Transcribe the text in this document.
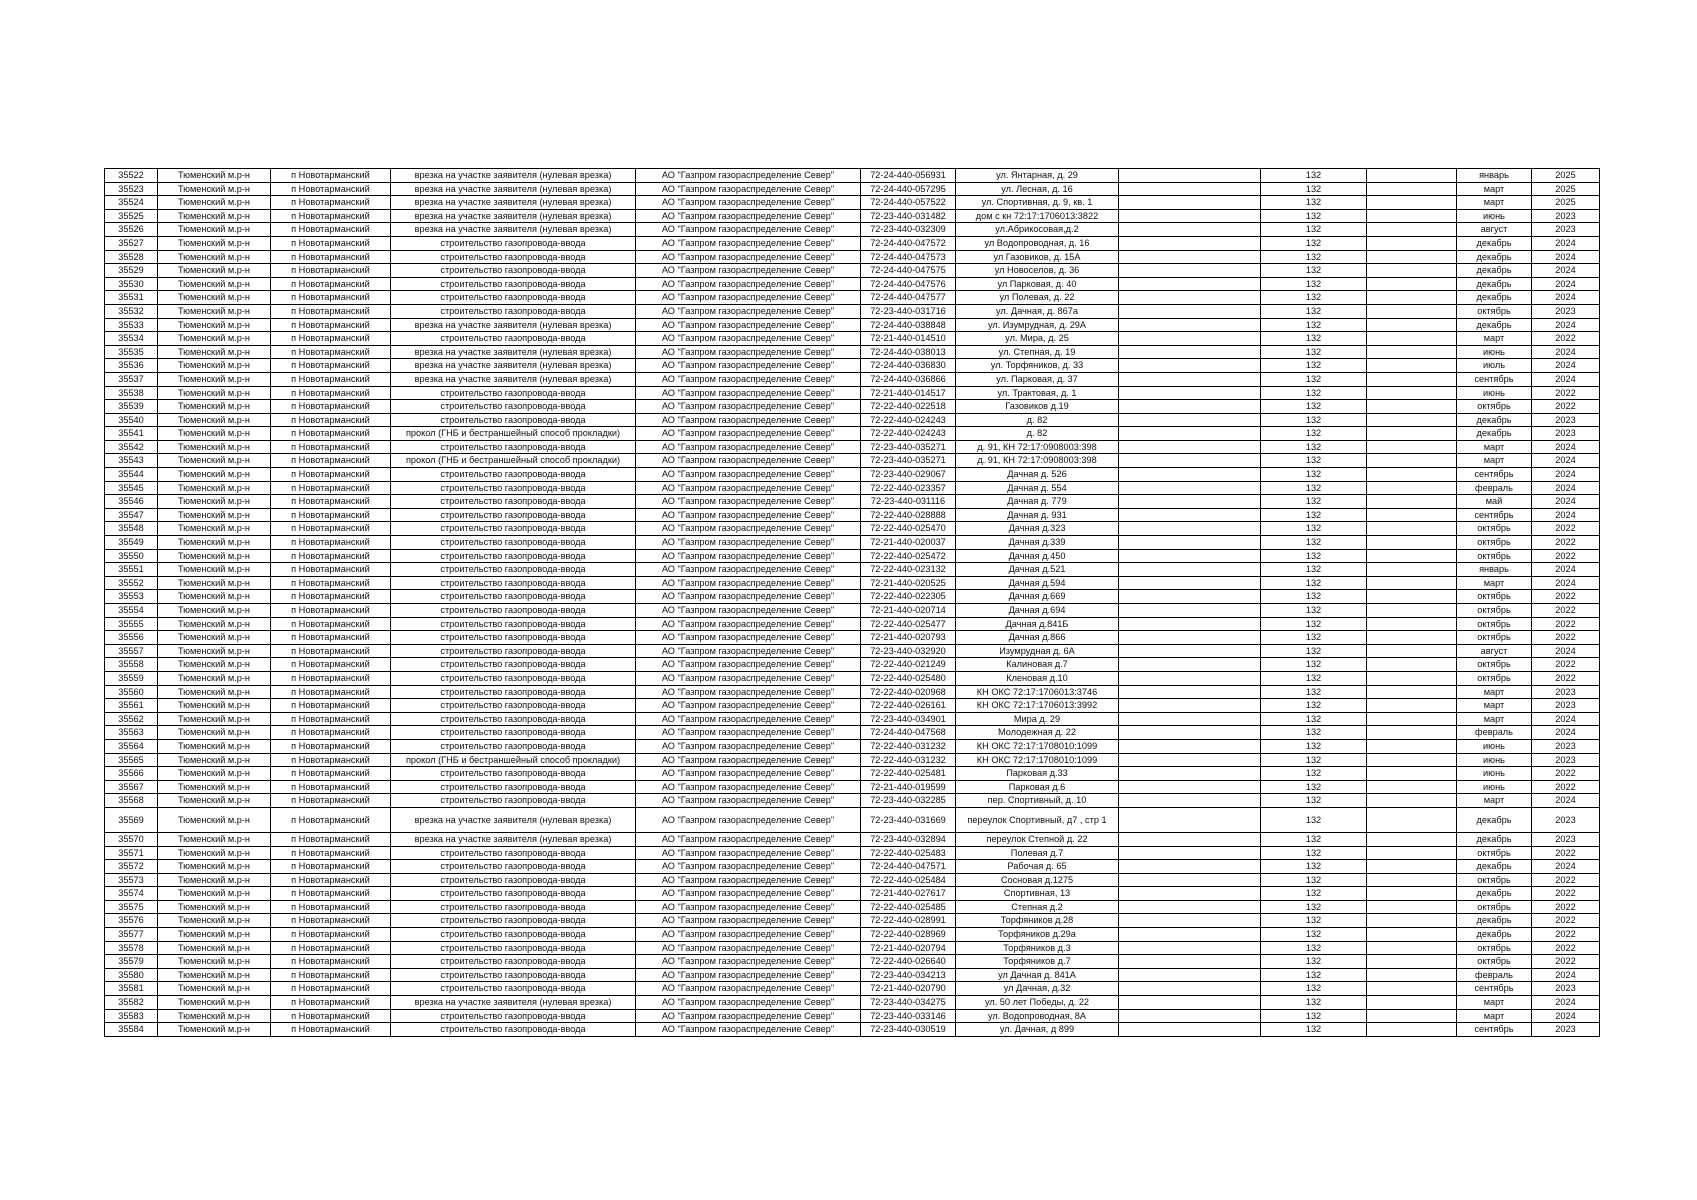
35522	Тюменский м.р-н	п Новотарманский	врезка на участке заявителя (нулевая врезка)	АО "Газпром газораспределение Север"	72-24-440-056931	ул. Янтарная, д. 29		132		январь	2025
35523	Тюменский м.р-н	п Новотарманский	врезка на участке заявителя (нулевая врезка)	АО "Газпром газораспределение Север"	72-24-440-057295	ул. Лесная, д. 16		132		март	2025
35524	Тюменский м.р-н	п Новотарманский	врезка на участке заявителя (нулевая врезка)	АО "Газпром газораспределение Север"	72-24-440-057522	ул. Спортивная, д. 9, кв. 1		132		март	2025
35525	Тюменский м.р-н	п Новотарманский	врезка на участке заявителя (нулевая врезка)	АО "Газпром газораспределение Север"	72-23-440-031482	дом с кн 72:17:1706013:3822		132		июнь	2023
35526	Тюменский м.р-н	п Новотарманский	врезка на участке заявителя (нулевая врезка)	АО "Газпром газораспределение Север"	72-23-440-032309	ул.Абрикосовая,д.2		132		август	2023
35527	Тюменский м.р-н	п Новотарманский	строительство газопровода-ввода	АО "Газпром газораспределение Север"	72-24-440-047572	ул Водопроводная, д. 16		132		декабрь	2024
35528	Тюменский м.р-н	п Новотарманский	строительство газопровода-ввода	АО "Газпром газораспределение Север"	72-24-440-047573	ул Газовиков, д. 15А		132		декабрь	2024
35529	Тюменский м.р-н	п Новотарманский	строительство газопровода-ввода	АО "Газпром газораспределение Север"	72-24-440-047575	ул Новоселов, д. 36		132		декабрь	2024
35530	Тюменский м.р-н	п Новотарманский	строительство газопровода-ввода	АО "Газпром газораспределение Север"	72-24-440-047576	ул Парковая, д. 40		132		декабрь	2024
35531	Тюменский м.р-н	п Новотарманский	строительство газопровода-ввода	АО "Газпром газораспределение Север"	72-24-440-047577	ул Полевая, д. 22		132		декабрь	2024
35532	Тюменский м.р-н	п Новотарманский	строительство газопровода-ввода	АО "Газпром газораспределение Север"	72-23-440-031716	ул. Дачная, д. 867а		132		октябрь	2023
35533	Тюменский м.р-н	п Новотарманский	врезка на участке заявителя (нулевая врезка)	АО "Газпром газораспределение Север"	72-24-440-038848	ул. Изумрудная, д. 29А		132		декабрь	2024
35534	Тюменский м.р-н	п Новотарманский	строительство газопровода-ввода	АО "Газпром газораспределение Север"	72-21-440-014510	ул. Мира, д. 25		132		март	2022
35535	Тюменский м.р-н	п Новотарманский	врезка на участке заявителя (нулевая врезка)	АО "Газпром газораспределение Север"	72-24-440-038013	ул. Степная, д. 19		132		июнь	2024
35536	Тюменский м.р-н	п Новотарманский	врезка на участке заявителя (нулевая врезка)	АО "Газпром газораспределение Север"	72-24-440-036830	ул. Торфяников, д. 33		132		июль	2024
35537	Тюменский м.р-н	п Новотарманский	врезка на участке заявителя (нулевая врезка)	АО "Газпром газораспределение Север"	72-24-440-036866	ул. Парковая, д. 37		132		сентябрь	2024
35538	Тюменский м.р-н	п Новотарманский	строительство газопровода-ввода	АО "Газпром газораспределение Север"	72-21-440-014517	ул. Трактовая, д. 1		132		июнь	2022
35539	Тюменский м.р-н	п Новотарманский	строительство газопровода-ввода	АО "Газпром газораспределение Север"	72-22-440-022518	Газовиков д.19		132		октябрь	2022
35540	Тюменский м.р-н	п Новотарманский	строительство газопровода-ввода	АО "Газпром газораспределение Север"	72-22-440-024243	д. 82		132		декабрь	2023
35541	Тюменский м.р-н	п Новотарманский	прокол (ГНБ и бестраншейный способ прокладки)	АО "Газпром газораспределение Север"	72-22-440-024243	д. 82		132		декабрь	2023
35542	Тюменский м.р-н	п Новотарманский	строительство газопровода-ввода	АО "Газпром газораспределение Север"	72-23-440-035271	д. 91, КН 72:17:0908003:398		132		март	2024
35543	Тюменский м.р-н	п Новотарманский	прокол (ГНБ и бестраншейный способ прокладки)	АО "Газпром газораспределение Север"	72-23-440-035271	д. 91, КН 72:17:0908003:398		132		март	2024
35544	Тюменский м.р-н	п Новотарманский	строительство газопровода-ввода	АО "Газпром газораспределение Север"	72-23-440-029067	Дачная д. 526		132		сентябрь	2024
35545	Тюменский м.р-н	п Новотарманский	строительство газопровода-ввода	АО "Газпром газораспределение Север"	72-22-440-023357	Дачная д. 554		132		февраль	2024
35546	Тюменский м.р-н	п Новотарманский	строительство газопровода-ввода	АО "Газпром газораспределение Север"	72-23-440-031116	Дачная д. 779		132		май	2024
35547	Тюменский м.р-н	п Новотарманский	строительство газопровода-ввода	АО "Газпром газораспределение Север"	72-22-440-028888	Дачная д. 931		132		сентябрь	2024
35548	Тюменский м.р-н	п Новотарманский	строительство газопровода-ввода	АО "Газпром газораспределение Север"	72-22-440-025470	Дачная д.323		132		октябрь	2022
35549	Тюменский м.р-н	п Новотарманский	строительство газопровода-ввода	АО "Газпром газораспределение Север"	72-21-440-020037	Дачная д.339		132		октябрь	2022
35550	Тюменский м.р-н	п Новотарманский	строительство газопровода-ввода	АО "Газпром газораспределение Север"	72-22-440-025472	Дачная д.450		132		октябрь	2022
35551	Тюменский м.р-н	п Новотарманский	строительство газопровода-ввода	АО "Газпром газораспределение Север"	72-22-440-023132	Дачная д.521		132		январь	2024
35552	Тюменский м.р-н	п Новотарманский	строительство газопровода-ввода	АО "Газпром газораспределение Север"	72-21-440-020525	Дачная д.594		132		март	2024
35553	Тюменский м.р-н	п Новотарманский	строительство газопровода-ввода	АО "Газпром газораспределение Север"	72-22-440-022305	Дачная д.669		132		октябрь	2022
35554	Тюменский м.р-н	п Новотарманский	строительство газопровода-ввода	АО "Газпром газораспределение Север"	72-21-440-020714	Дачная д.694		132		октябрь	2022
35555	Тюменский м.р-н	п Новотарманский	строительство газопровода-ввода	АО "Газпром газораспределение Север"	72-22-440-025477	Дачная д.841Б		132		октябрь	2022
35556	Тюменский м.р-н	п Новотарманский	строительство газопровода-ввода	АО "Газпром газораспределение Север"	72-21-440-020793	Дачная д.866		132		октябрь	2022
35557	Тюменский м.р-н	п Новотарманский	строительство газопровода-ввода	АО "Газпром газораспределение Север"	72-23-440-032920	Изумрудная д. 6А		132		август	2024
35558	Тюменский м.р-н	п Новотарманский	строительство газопровода-ввода	АО "Газпром газораспределение Север"	72-22-440-021249	Калиновая д.7		132		октябрь	2022
35559	Тюменский м.р-н	п Новотарманский	строительство газопровода-ввода	АО "Газпром газораспределение Север"	72-22-440-025480	Кленовая д.10		132		октябрь	2022
35560	Тюменский м.р-н	п Новотарманский	строительство газопровода-ввода	АО "Газпром газораспределение Север"	72-22-440-020968	КН ОКС 72:17:1706013:3746		132		март	2023
35561	Тюменский м.р-н	п Новотарманский	строительство газопровода-ввода	АО "Газпром газораспределение Север"	72-22-440-026161	КН ОКС 72:17:1706013:3992		132		март	2023
35562	Тюменский м.р-н	п Новотарманский	строительство газопровода-ввода	АО "Газпром газораспределение Север"	72-23-440-034901	Мира д. 29		132		март	2024
35563	Тюменский м.р-н	п Новотарманский	строительство газопровода-ввода	АО "Газпром газораспределение Север"	72-24-440-047568	Молодежная д. 22		132		февраль	2024
35564	Тюменский м.р-н	п Новотарманский	строительство газопровода-ввода	АО "Газпром газораспределение Север"	72-22-440-031232	КН ОКС 72:17:1708010:1099		132		июнь	2023
35565	Тюменский м.р-н	п Новотарманский	прокол (ГНБ и бестраншейный способ прокладки)	АО "Газпром газораспределение Север"	72-22-440-031232	КН ОКС 72:17:1708010:1099		132		июнь	2023
35566	Тюменский м.р-н	п Новотарманский	строительство газопровода-ввода	АО "Газпром газораспределение Север"	72-22-440-025481	Парковая д.33		132		июнь	2022
35567	Тюменский м.р-н	п Новотарманский	строительство газопровода-ввода	АО "Газпром газораспределение Север"	72-21-440-019599	Парковая д.6		132		июнь	2022
35568	Тюменский м.р-н	п Новотарманский	строительство газопровода-ввода	АО "Газпром газораспределение Север"	72-23-440-032285	пер. Спортивный, д. 10		132		март	2024
35569	Тюменский м.р-н	п Новотарманский	врезка на участке заявителя (нулевая врезка)	АО "Газпром газораспределение Север"	72-23-440-031669	переулок Спортивный, д7 , стр 1		132		декабрь	2023
35570	Тюменский м.р-н	п Новотарманский	врезка на участке заявителя (нулевая врезка)	АО "Газпром газораспределение Север"	72-23-440-032894	переулок Степной д. 22		132		декабрь	2023
35571	Тюменский м.р-н	п Новотарманский	строительство газопровода-ввода	АО "Газпром газораспределение Север"	72-22-440-025483	Полевая д.7		132		октябрь	2022
35572	Тюменский м.р-н	п Новотарманский	строительство газопровода-ввода	АО "Газпром газораспределение Север"	72-24-440-047571	Рабочая д. 65		132		декабрь	2024
35573	Тюменский м.р-н	п Новотарманский	строительство газопровода-ввода	АО "Газпром газораспределение Север"	72-22-440-025484	Сосновая д.1275		132		октябрь	2022
35574	Тюменский м.р-н	п Новотарманский	строительство газопровода-ввода	АО "Газпром газораспределение Север"	72-21-440-027617	Спортивная, 13		132		декабрь	2022
35575	Тюменский м.р-н	п Новотарманский	строительство газопровода-ввода	АО "Газпром газораспределение Север"	72-22-440-025485	Степная д.2		132		октябрь	2022
35576	Тюменский м.р-н	п Новотарманский	строительство газопровода-ввода	АО "Газпром газораспределение Север"	72-22-440-028991	Торфяников д.28		132		декабрь	2022
35577	Тюменский м.р-н	п Новотарманский	строительство газопровода-ввода	АО "Газпром газораспределение Север"	72-22-440-028969	Торфяников д.29а		132		декабрь	2022
35578	Тюменский м.р-н	п Новотарманский	строительство газопровода-ввода	АО "Газпром газораспределение Север"	72-21-440-020794	Торфяников д.3		132		октябрь	2022
35579	Тюменский м.р-н	п Новотарманский	строительство газопровода-ввода	АО "Газпром газораспределение Север"	72-22-440-026640	Торфяников д.7		132		октябрь	2022
35580	Тюменский м.р-н	п Новотарманский	строительство газопровода-ввода	АО "Газпром газораспределение Север"	72-23-440-034213	ул Дачная д. 841А		132		февраль	2024
35581	Тюменский м.р-н	п Новотарманский	строительство газопровода-ввода	АО "Газпром газораспределение Север"	72-21-440-020790	ул Дачная, д.32		132		сентябрь	2023
35582	Тюменский м.р-н	п Новотарманский	врезка на участке заявителя (нулевая врезка)	АО "Газпром газораспределение Север"	72-23-440-034275	ул. 50 лет Победы, д. 22		132		март	2024
35583	Тюменский м.р-н	п Новотарманский	строительство газопровода-ввода	АО "Газпром газораспределение Север"	72-23-440-033146	ул. Водопроводная, 8А		132		март	2024
35584	Тюменский м.р-н	п Новотарманский	строительство газопровода-ввода	АО "Газпром газораспределение Север"	72-23-440-030519	ул. Дачная, д 899		132		сентябрь	2023
